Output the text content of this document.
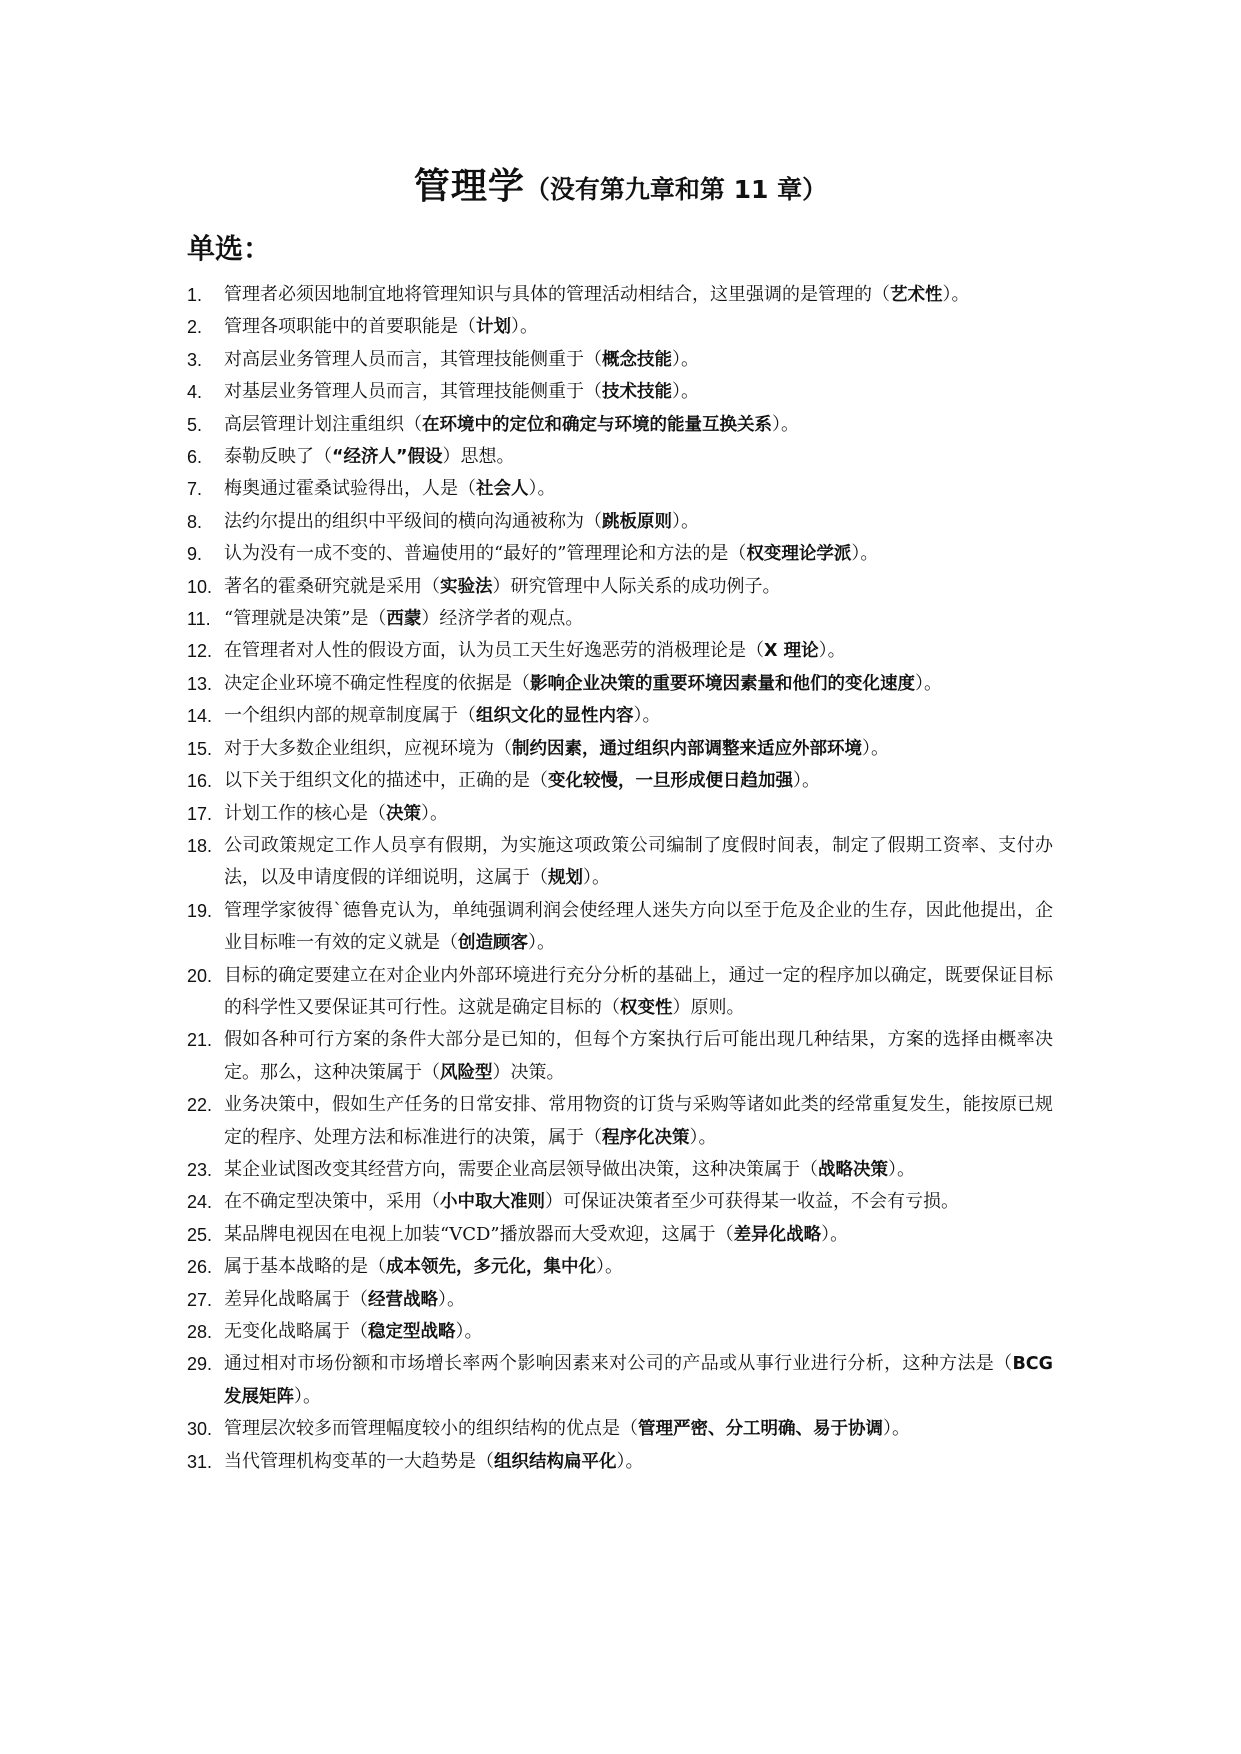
管理学（没有第九章和第 11 章）
单选：
1. 管理者必须因地制宜地将管理知识与具体的管理活动相结合，这里强调的是管理的（艺术性）。
2. 管理各项职能中的首要职能是（计划）。
3. 对高层业务管理人员而言，其管理技能侧重于（概念技能）。
4. 对基层业务管理人员而言，其管理技能侧重于（技术技能）。
5. 高层管理计划注重组织（在环境中的定位和确定与环境的能量互换关系）。
6. 泰勒反映了（“经济人”假设）思想。
7. 梅奥通过霍桑试验得出，人是（社会人）。
8. 法约尔提出的组织中平级间的横向沟通被称为（跳板原则）。
9. 认为没有一成不变的、普遍使用的“最好的”管理理论和方法的是（权变理论学派）。
10. 著名的霍桑研究就是采用（实验法）研究管理中人际关系的成功例子。
11. “管理就是决策”是（西蒙）经济学者的观点。
12. 在管理者对人性的假设方面，认为员工天生好逸恶劳的消极理论是（X 理论）。
13. 决定企业环境不确定性程度的依据是（影响企业决策的重要环境因素量和他们的变化速度）。
14. 一个组织内部的规章制度属于（组织文化的显性内容）。
15. 对于大多数企业组织，应视环境为（制约因素，通过组织内部调整来适应外部环境）。
16. 以下关于组织文化的描述中，正确的是（变化较慢，一旦形成便日趋加强）。
17. 计划工作的核心是（决策）。
18. 公司政策规定工作人员享有假期，为实施这项政策公司编制了度假时间表，制定了假期工资率、支付办法，以及申请度假的详细说明，这属于（规划）。
19. 管理学家彼得`德鲁克认为，单纯强调利润会使经理人迷失方向以至于危及企业的生存，因此他提出，企业目标唯一有效的定义就是（创造顾客）。
20. 目标的确定要建立在对企业内外部环境进行充分分析的基础上，通过一定的程序加以确定，既要保证目标的科学性又要保证其可行性。这就是确定目标的（权变性）原则。
21. 假如各种可行方案的条件大部分是已知的，但每个方案执行后可能出现几种结果，方案的选择由概率决定。那么，这种决策属于（风险型）决策。
22. 业务决策中，假如生产任务的日常安排、常用物资的订货与采购等诸如此类的经常重复发生，能按原已规定的程序、处理方法和标准进行的决策，属于（程序化决策）。
23. 某企业试图改变其经营方向，需要企业高层领导做出决策，这种决策属于（战略决策）。
24. 在不确定型决策中，采用（小中取大准则）可保证决策者至少可获得某一收益，不会有亏损。
25. 某品牌电视因在电视上加装“VCD”播放器而大受欢迎，这属于（差异化战略）。
26. 属于基本战略的是（成本领先，多元化，集中化）。
27. 差异化战略属于（经营战略）。
28. 无变化战略属于（稳定型战略）。
29. 通过相对市场份额和市场增长率两个影响因素来对公司的产品或从事行业进行分析，这种方法是（BCG 发展矩阵）。
30. 管理层次较多而管理幅度较小的组织结构的优点是（管理严密、分工明确、易于协调）。
31. 当代管理机构变革的一大趋势是（组织结构扁平化）。
